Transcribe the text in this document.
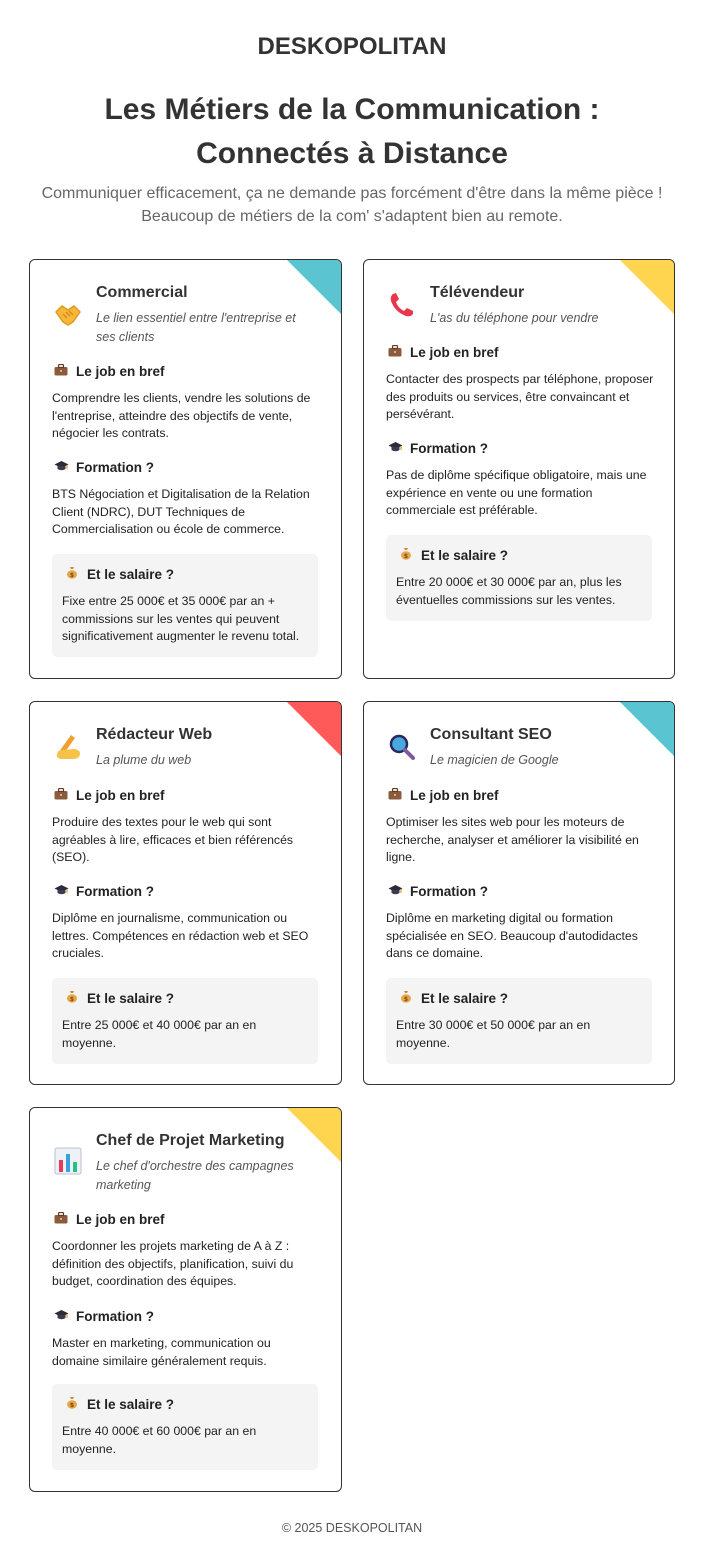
DESKOPOLITAN
Les Métiers de la Communication : Connectés à Distance

Communiquer efficacement, ça ne demande pas forcément d'être dans la même pièce ! Beaucoup de métiers de la com' s'adaptent bien au remote.

Commercial
Le lien essentiel entre l'entreprise et ses clients
Le job en bref
Comprendre les clients, vendre les solutions de l'entreprise, atteindre des objectifs de vente, négocier les contrats.
Formation ?
BTS Négociation et Digitalisation de la Relation Client (NDRC), DUT Techniques de Commercialisation ou école de commerce.
$ Et le salaire ?
Fixe entre 25 000€ et 35 000€ par an + commissions sur les ventes qui peuvent significativement augmenter le revenu total.
Télévendeur
L'as du téléphone pour vendre
Le job en bref
Contacter des prospects par téléphone, proposer des produits ou services, être convaincant et persévérant.
Formation ?
Pas de diplôme spécifique obligatoire, mais une expérience en vente ou une formation commerciale est préférable.
$ Et le salaire ?
Entre 20 000€ et 30 000€ par an, plus les éventuelles commissions sur les ventes.
Rédacteur Web
La plume du web
Le job en bref
Produire des textes pour le web qui sont agréables à lire, efficaces et bien référencés (SEO).
Formation ?
Diplôme en journalisme, communication ou lettres. Compétences en rédaction web et SEO cruciales.
$ Et le salaire ?
Entre 25 000€ et 40 000€ par an en moyenne.
Consultant SEO
Le magicien de Google
Le job en bref
Optimiser les sites web pour les moteurs de recherche, analyser et améliorer la visibilité en ligne.
Formation ?
Diplôme en marketing digital ou formation spécialisée en SEO. Beaucoup d'autodidactes dans ce domaine.
$ Et le salaire ?
Entre 30 000€ et 50 000€ par an en moyenne.
Chef de Projet Marketing
Le chef d'orchestre des campagnes marketing
Le job en bref
Coordonner les projets marketing de A à Z : définition des objectifs, planification, suivi du budget, coordination des équipes.
Formation ?
Master en marketing, communication ou domaine similaire généralement requis.
$ Et le salaire ?
Entre 40 000€ et 60 000€ par an en moyenne.
© 2025 DESKOPOLITAN
